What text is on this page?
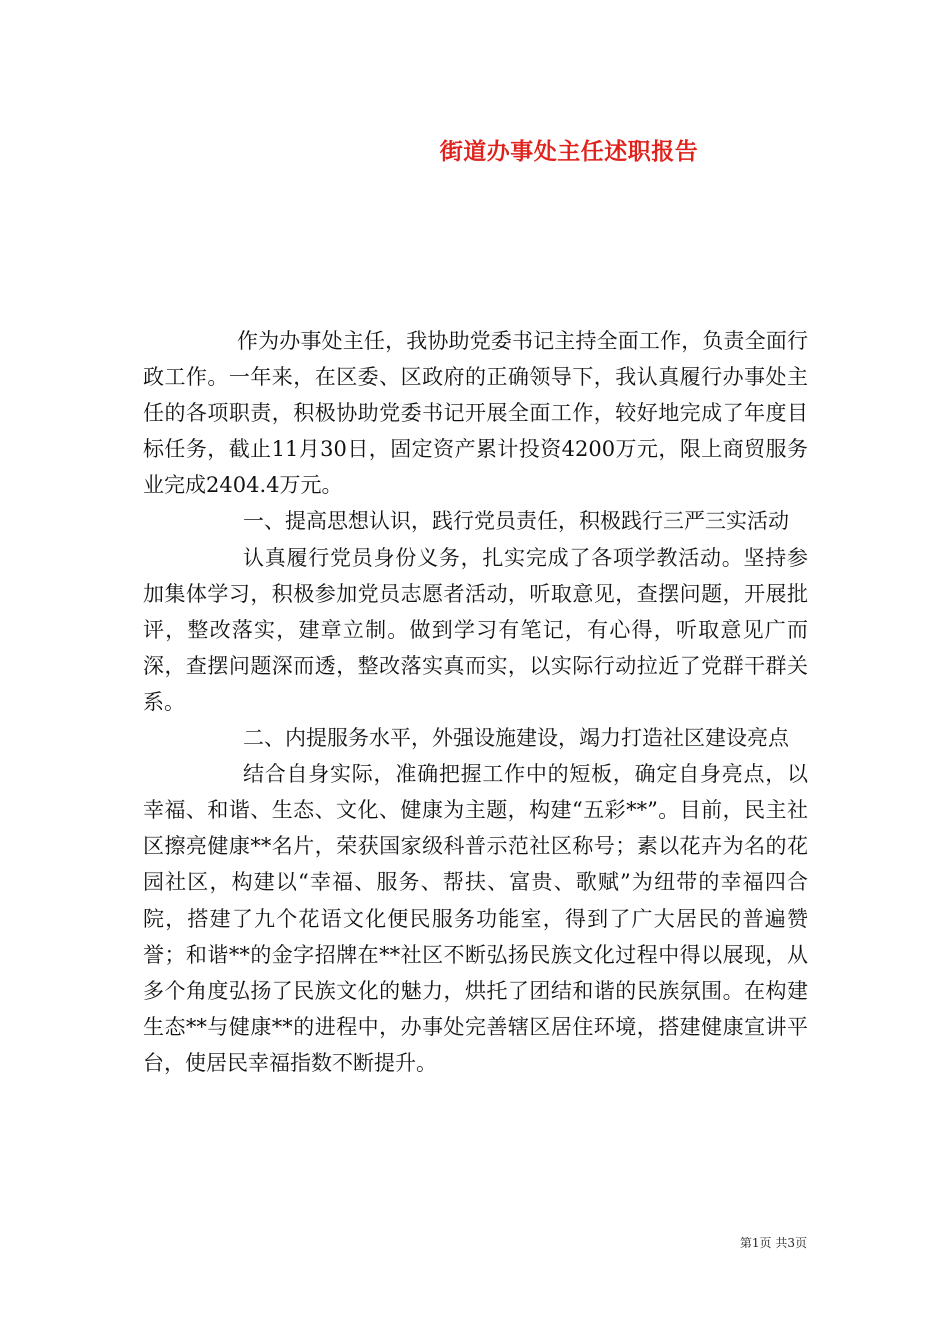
街道办事处主任述职报告

作为办事处主任，我协助党委书记主持全面工作，负责全面行政工作。一年来，在区委、区政府的正确领导下，我认真履行办事处主任的各项职责，积极协助党委书记开展全面工作，较好地完成了年度目标任务，截止11月30日，固定资产累计投资4200万元，限上商贸服务业完成2404.4万元。

一、提高思想认识，践行党员责任，积极践行三严三实活动

认真履行党员身份义务，扎实完成了各项学教活动。坚持参加集体学习，积极参加党员志愿者活动，听取意见，查摆问题，开展批评，整改落实，建章立制。做到学习有笔记，有心得，听取意见广而深，查摆问题深而透，整改落实真而实，以实际行动拉近了党群干群关系。

二、内提服务水平，外强设施建设，竭力打造社区建设亮点

结合自身实际，准确把握工作中的短板，确定自身亮点，以幸福、和谐、生态、文化、健康为主题，构建“五彩**”。目前，民主社区擦亮健康**名片，荣获国家级科普示范社区称号；素以花卉为名的花园社区，构建以“幸福、服务、帮扶、富贵、歌赋”为纽带的幸福四合院，搭建了九个花语文化便民服务功能室，得到了广大居民的普遍赞誉；和谐**的金字招牌在**社区不断弘扬民族文化过程中得以展现，从多个角度弘扬了民族文化的魅力，烘托了团结和谐的民族氛围。在构建生态**与健康**的进程中，办事处完善辖区居住环境，搭建健康宣讲平台，使居民幸福指数不断提升。

第1页 共3页
